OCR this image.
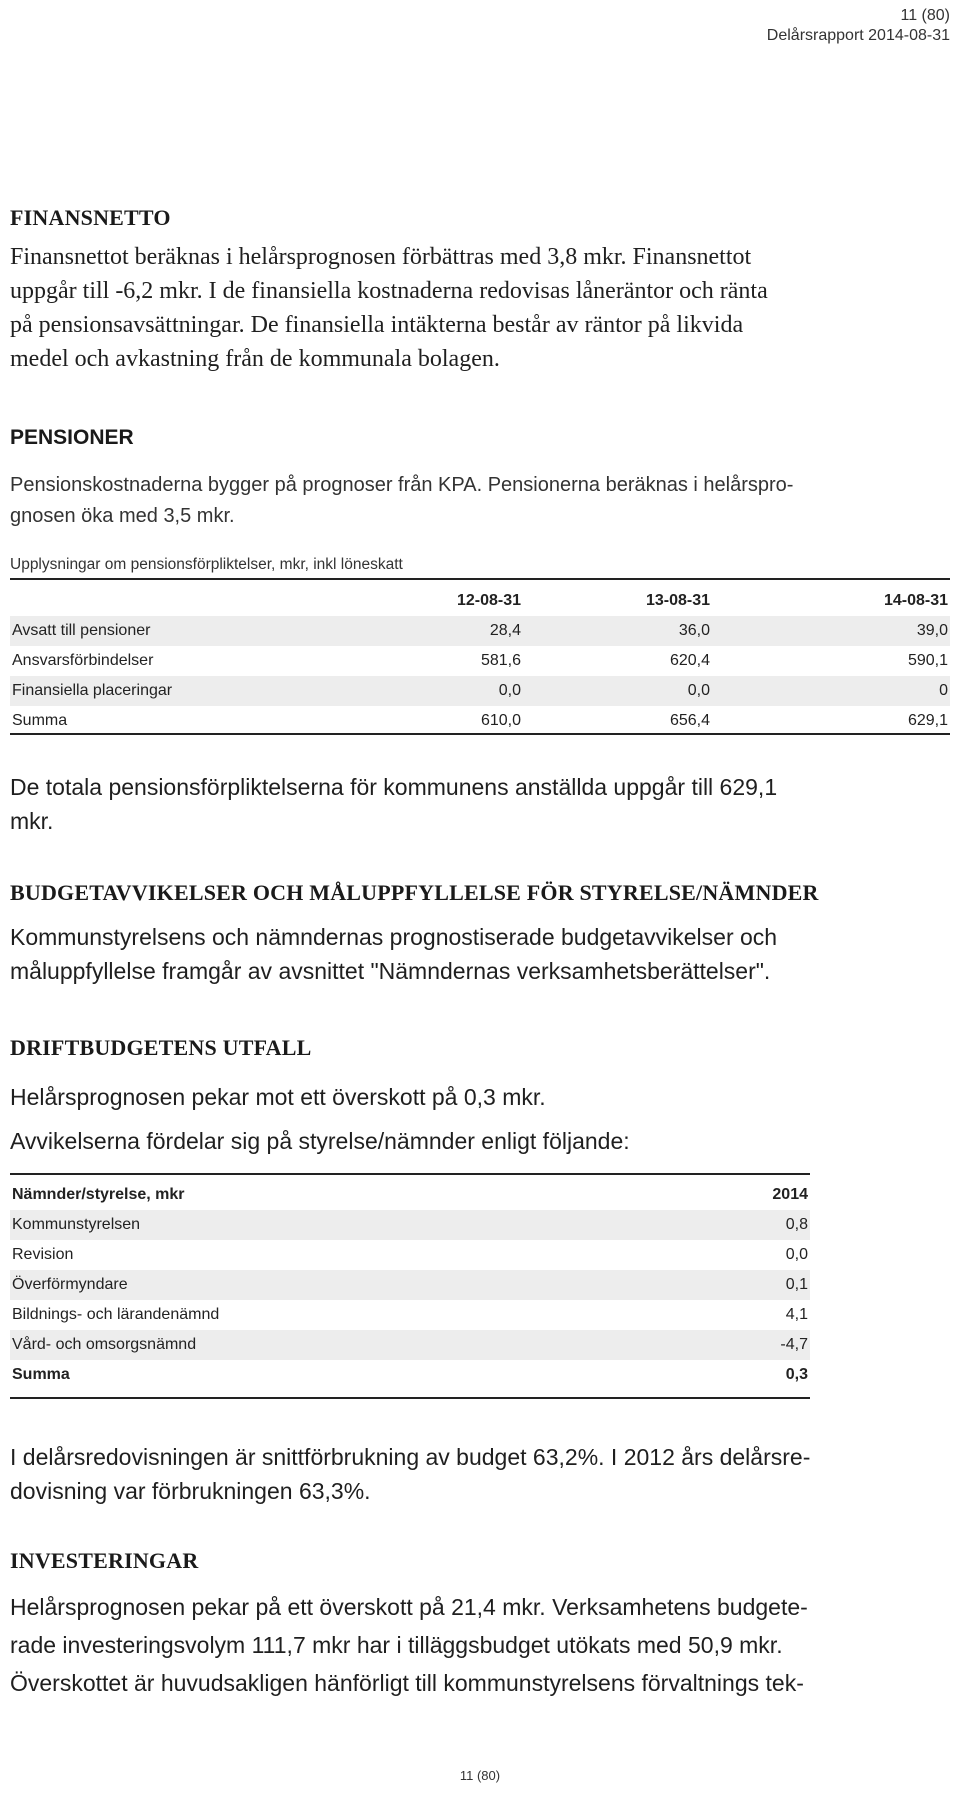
11 (80)
Delårsrapport 2014-08-31
FINANSNETTO
Finansnettot beräknas i helårsprognosen förbättras med 3,8 mkr. Finansnettot
uppgår till -6,2 mkr. I de finansiella kostnaderna redovisas låneräntor och ränta
på pensionsavsättningar. De finansiella intäkterna består av räntor på likvida
medel och avkastning från de kommunala bolagen.
PENSIONER
Pensionskostnaderna bygger på prognoser från KPA. Pensionerna beräknas i helårspro-
gnosen öka med 3,5 mkr.
Upplysningar om pensionsförpliktelser, mkr, inkl löneskatt
	12-08-31	13-08-31	14-08-31
Avsatt till pensioner	28,4	36,0	39,0
Ansvarsförbindelser	581,6	620,4	590,1
Finansiella placeringar	0,0	0,0	0
Summa	610,0	656,4	629,1
De totala pensionsförpliktelserna för kommunens anställda uppgår till 629,1
mkr.
BUDGETAVVIKELSER OCH MÅLUPPFYLLELSE FÖR STYRELSE/NÄMNDER
Kommunstyrelsens och nämndernas prognostiserade budgetavvikelser och
måluppfyllelse framgår av avsnittet "Nämndernas verksamhetsberättelser".
DRIFTBUDGETENS UTFALL
Helårsprognosen pekar mot ett överskott på 0,3 mkr.
Avvikelserna fördelar sig på styrelse/nämnder enligt följande:
Nämnder/styrelse, mkr	2014
Kommunstyrelsen	0,8
Revision	0,0
Överförmyndare	0,1
Bildnings- och lärandenämnd	4,1
Vård- och omsorgsnämnd	-4,7
Summa	0,3
I delårsredovisningen är snittförbrukning av budget 63,2%. I 2012 års delårsre-
dovisning var förbrukningen 63,3%.
INVESTERINGAR
Helårsprognosen pekar på ett överskott på 21,4 mkr. Verksamhetens budgete-
rade investeringsvolym 111,7 mkr har i tilläggsbudget utökats med 50,9 mkr.
Överskottet är huvudsakligen hänförligt till kommunstyrelsens förvaltnings tek-
11 (80)
